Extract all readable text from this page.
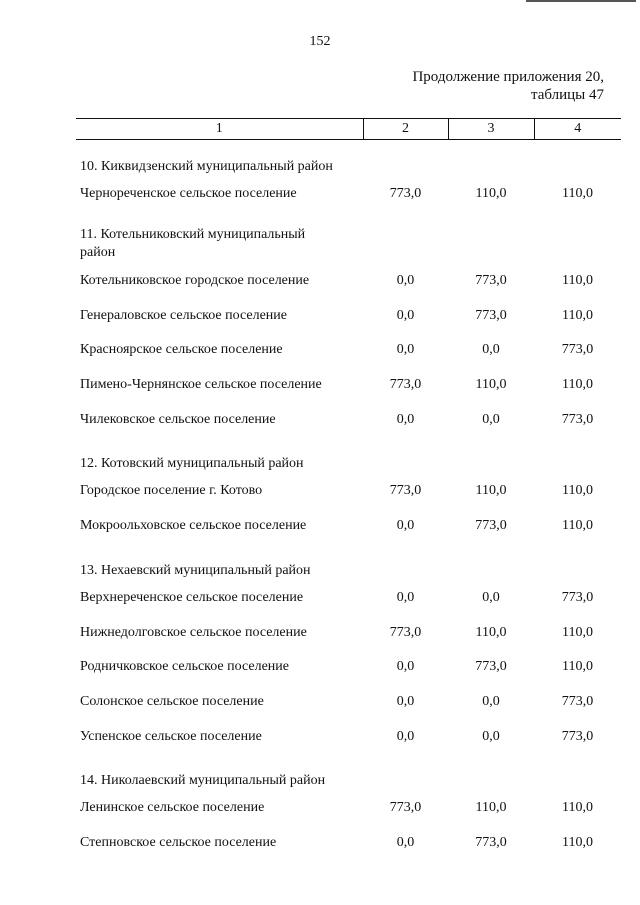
152
Продолжение приложения 20,
таблицы 47
1	2	3	4
10. Киквидзенский муниципальный район			
Чернореченское сельское поселение	773,0	110,0	110,0

11. Котельниковский муниципальный район			

Котельниковское городское поселение	0,0	773,0	110,0
Генераловское сельское поселение	0,0	773,0	110,0
Красноярское сельское поселение	0,0	0,0	773,0
Пимено-Чернянское сельское поселение	773,0	110,0	110,0
Чилековское сельское поселение	0,0	0,0	773,0
12. Котовский муниципальный район			
Городское поселение г. Котово	773,0	110,0	110,0
Мокроольховское сельское поселение	0,0	773,0	110,0
13. Нехаевский муниципальный район			
Верхнереченское сельское поселение	0,0	0,0	773,0
Нижнедолговское сельское поселение	773,0	110,0	110,0
Родничковское сельское поселение	0,0	773,0	110,0
Солонское сельское поселение	0,0	0,0	773,0
Успенское сельское поселение	0,0	0,0	773,0
14. Николаевский муниципальный район			
Ленинское сельское поселение	773,0	110,0	110,0
Степновское сельское поселение	0,0	773,0	110,0
